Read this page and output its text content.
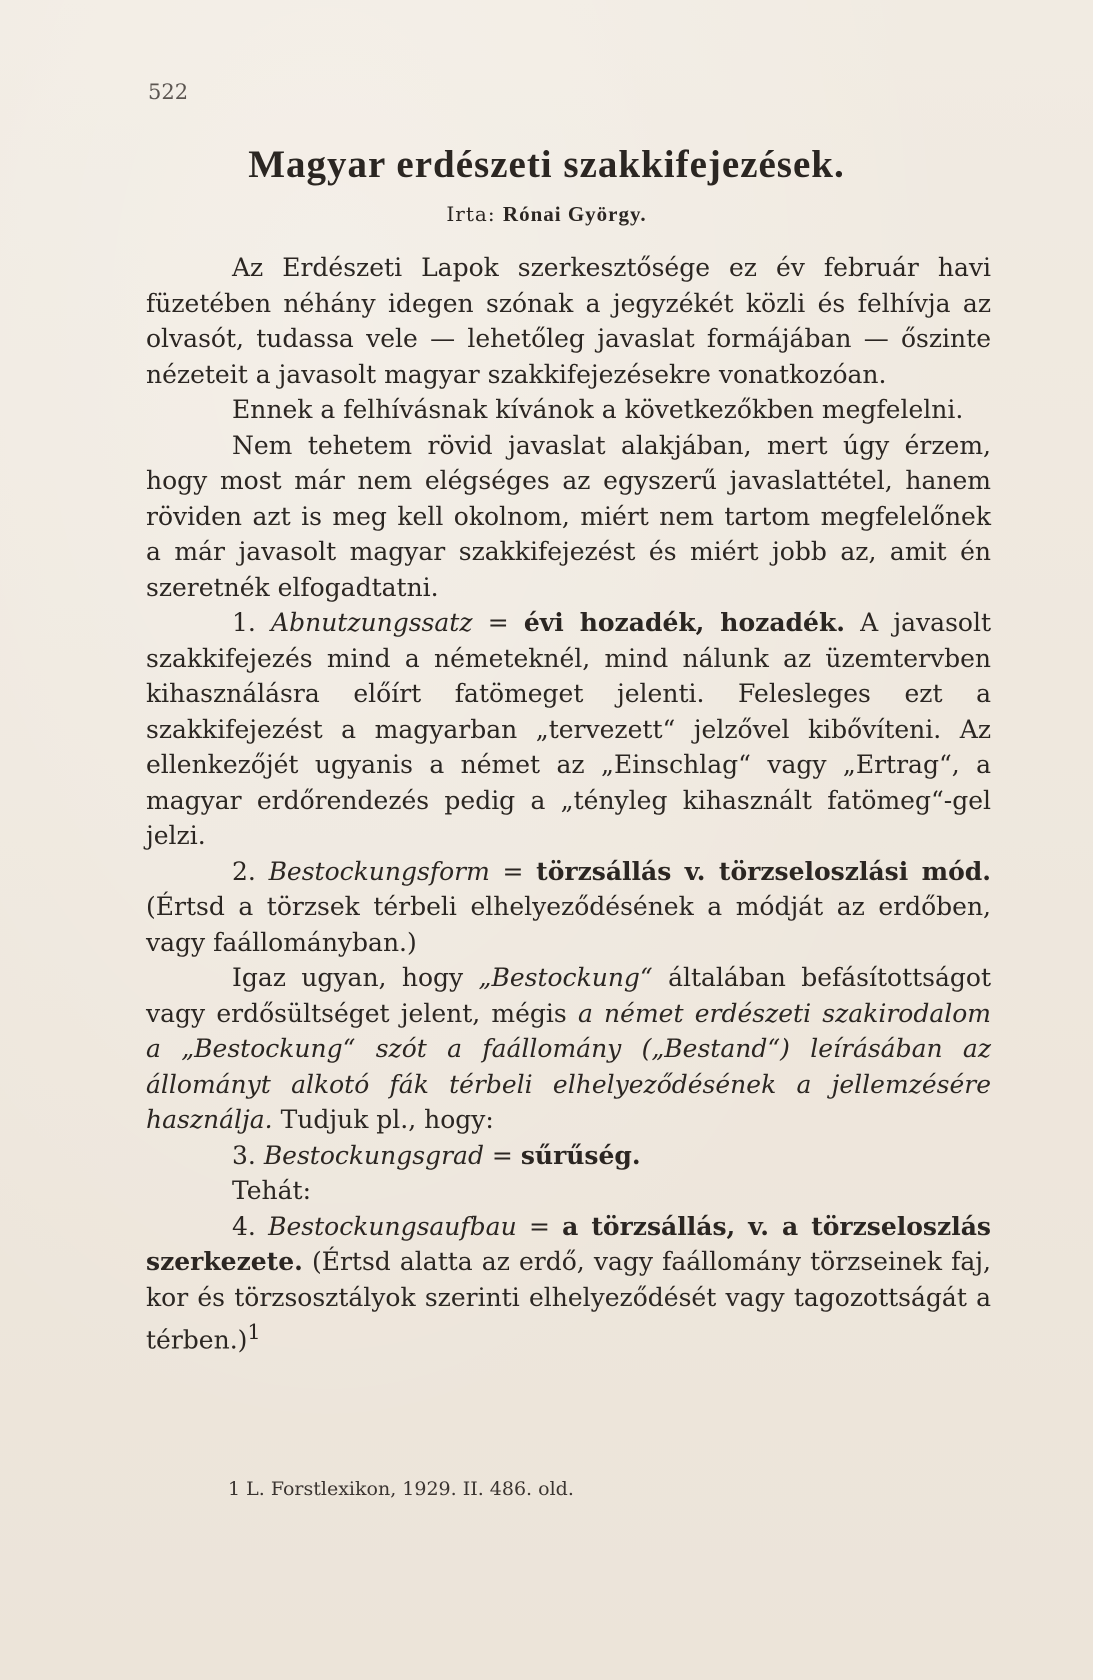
522
Magyar erdészeti szakkifejezések.
Irta: Rónai György.

Az Erdészeti Lapok szerkesztősége ez év február havi füzetében néhány idegen szónak a jegyzékét közli és felhívja az olvasót, tudassa vele — lehetőleg javaslat formájában — őszinte nézeteit a javasolt magyar szakkifejezésekre vonatkozóan.

Ennek a felhívásnak kívánok a következőkben megfelelni.

Nem tehetem rövid javaslat alakjában, mert úgy érzem, hogy most már nem elégséges az egyszerű javaslattétel, hanem röviden azt is meg kell okolnom, miért nem tartom megfelelőnek a már javasolt magyar szakkifejezést és miért jobb az, amit én szeretnék elfogadtatni.

1. Abnutzungssatz = évi hozadék, hozadék. A javasolt szakkifejezés mind a németeknél, mind nálunk az üzemtervben kihasználásra előírt fatömeget jelenti. Felesleges ezt a szakkifejezést a magyarban „tervezett“ jelzővel kibővíteni. Az ellenkezőjét ugyanis a német az „Einschlag“ vagy „Ertrag“, a magyar erdőrendezés pedig a „tényleg kihasznált fatömeg“-gel jelzi.

2. Bestockungsform = törzsállás v. törzseloszlási mód. (Értsd a törzsek térbeli elhelyeződésének a módját az erdőben, vagy faállományban.)

Igaz ugyan, hogy „Bestockung“ általában befásítottságot vagy erdősültséget jelent, mégis a német erdészeti szakirodalom a „Bestockung“ szót a faállomány („Bestand“) leírásában az állományt alkotó fák térbeli elhelyeződésének a jellemzésére használja. Tudjuk pl., hogy:

3. Bestockungsgrad = sűrűség.

Tehát:

4. Bestockungsaufbau = a törzsállás, v. a törzseloszlás szerkezete. (Értsd alatta az erdő, vagy faállomány törzseinek faj, kor és törzsosztályok szerinti elhelyeződését vagy tagozottságát a térben.)$^1$

1 L. Forstlexikon, 1929. II. 486. old.
